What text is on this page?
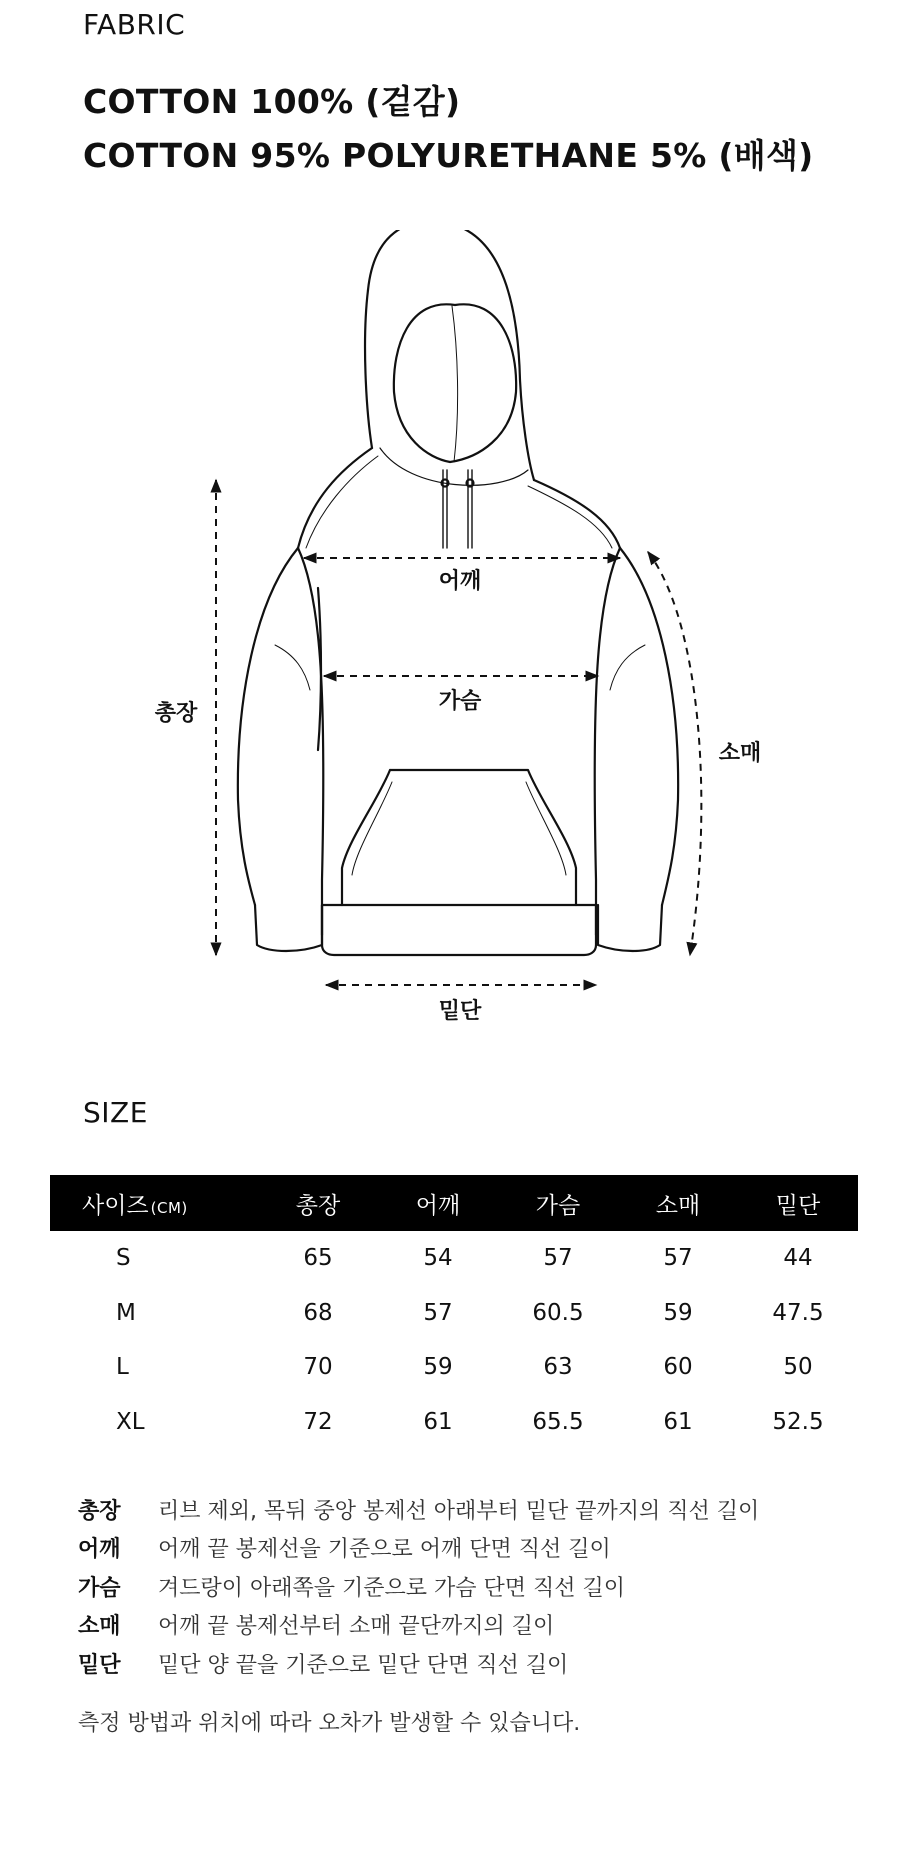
FABRIC
COTTON 100% (겉감)
COTTON 95% POLYURETHANE 5% (배색)
어깨
가슴
총장
소매
밑단
SIZE
사이즈 (CM)	총장	어깨	가슴	소매	밑단
S	65	54	57	57	44
M	68	57	60.5	59	47.5
L	70	59	63	60	50
XL	72	61	65.5	61	52.5
총장	리브 제외, 목뒤 중앙 봉제선 아래부터 밑단 끝까지의 직선 길이
어깨	어깨 끝 봉제선을 기준으로 어깨 단면 직선 길이
가슴	겨드랑이 아래쪽을 기준으로 가슴 단면 직선 길이
소매	어깨 끝 봉제선부터 소매 끝단까지의 길이
밑단	밑단 양 끝을 기준으로 밑단 단면 직선 길이
측정 방법과 위치에 따라 오차가 발생할 수 있습니다.
